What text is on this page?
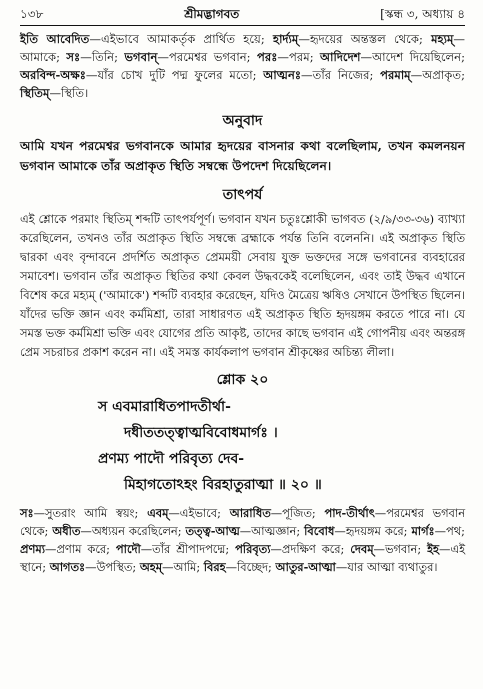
১৩৮	শ্রীমদ্ভাগবত	[স্কন্ধ ৩, অধ্যায় ৪

ইতি আবেদিত—এইভাবে আমাকর্তৃক প্রার্থিত হয়ে; হার্দ্যম্‌—হৃদয়ের অন্তস্তল থেকে; মহ্যম্‌—আমাকে; সঃ—তিনি; ভগবান্‌—পরমেশ্বর ভগবান; পরঃ—পরম; আদিদেশ—আদেশ দিয়েছিলেন; অরবিন্দ-অক্ষঃ—যাঁর চোখ দুটি পদ্ম ফুলের মতো; আত্মনঃ—তাঁর নিজের; পরমাম্‌—অপ্রাকৃত; স্থিতিম্‌—স্থিতি।

অনুবাদ

আমি যখন পরমেশ্বর ভগবানকে আমার হৃদয়ের বাসনার কথা বলেছিলাম, তখন কমলনয়ন ভগবান আমাকে তাঁর অপ্রাকৃত স্থিতি সম্বন্ধে উপদেশ দিয়েছিলেন।

তাৎপর্য

এই শ্লোকে পরমাং স্থিতিম্‌ শব্দটি তাৎপর্যপূর্ণ। ভগবান যখন চতুঃশ্লোকী ভাগবত (২/৯/৩৩-৩৬) ব্যাখ্যা করেছিলেন, তখনও তাঁর অপ্রাকৃত স্থিতি সম্বন্ধে ব্রহ্মাকে পর্যন্ত তিনি বলেননি। এই অপ্রাকৃত স্থিতি দ্বারকা এবং বৃন্দাবনে প্রদর্শিত অপ্রাকৃত প্রেমময়ী সেবায় যুক্ত ভক্তদের সঙ্গে ভগবানের ব্যবহারের সমাবেশ। ভগবান তাঁর অপ্রাকৃত স্থিতির কথা কেবল উদ্ধবকেই বলেছিলেন, এবং তাই উদ্ধব এখানে বিশেষ করে মহ্যম্‌ ('আমাকে') শব্দটি ব্যবহার করেছেন, যদিও মৈত্রেয় ঋষিও সেখানে উপস্থিত ছিলেন। যাঁদের ভক্তি জ্ঞান এবং কর্মমিশ্রা, তারা সাধারণত এই অপ্রাকৃত স্থিতি হৃদয়ঙ্গম করতে পারে না। যে সমস্ত ভক্ত কর্মমিশ্রা ভক্তি এবং যোগের প্রতি আকৃষ্ট, তাদের কাছে ভগবান এই গোপনীয় এবং অন্তরঙ্গ প্রেম সচরাচর প্রকাশ করেন না। এই সমস্ত কার্যকলাপ ভগবান শ্রীকৃষ্ণের অচিন্ত্য লীলা।

শ্লোক ২০
স এবমারাধিতপাদতীর্থা-
দধীততত্ত্বাত্মবিবোধমার্গঃ ।
প্রণম্য পাদৌ পরিবৃত্য দেব-
মিহাগতোঽহং বিরহাতুরাত্মা ॥ ২০ ॥

সঃ—সুতরাং আমি স্বয়ং; এবম্‌—এইভাবে; আরাধিত—পূজিত; পাদ-তীর্থাৎ—পরমেশ্বর ভগবান থেকে; অধীত—অধ্যয়ন করেছিলেন; তত্ত্ব-আত্ম—আত্মজ্ঞান; বিবোধ—হৃদয়ঙ্গম করে; মার্গঃ—পথ; প্রণম্য—প্রণাম করে; পাদৌ—তাঁর শ্রীপাদপদ্মে; পরিবৃত্য—প্রদক্ষিণ করে; দেবম্‌—ভগবান; ইহ—এই স্থানে; আগতঃ—উপস্থিত; অহম্‌—আমি; বিরহ—বিচ্ছেদ; আতুর-আত্মা—যার আত্মা ব্যথাতুর।
